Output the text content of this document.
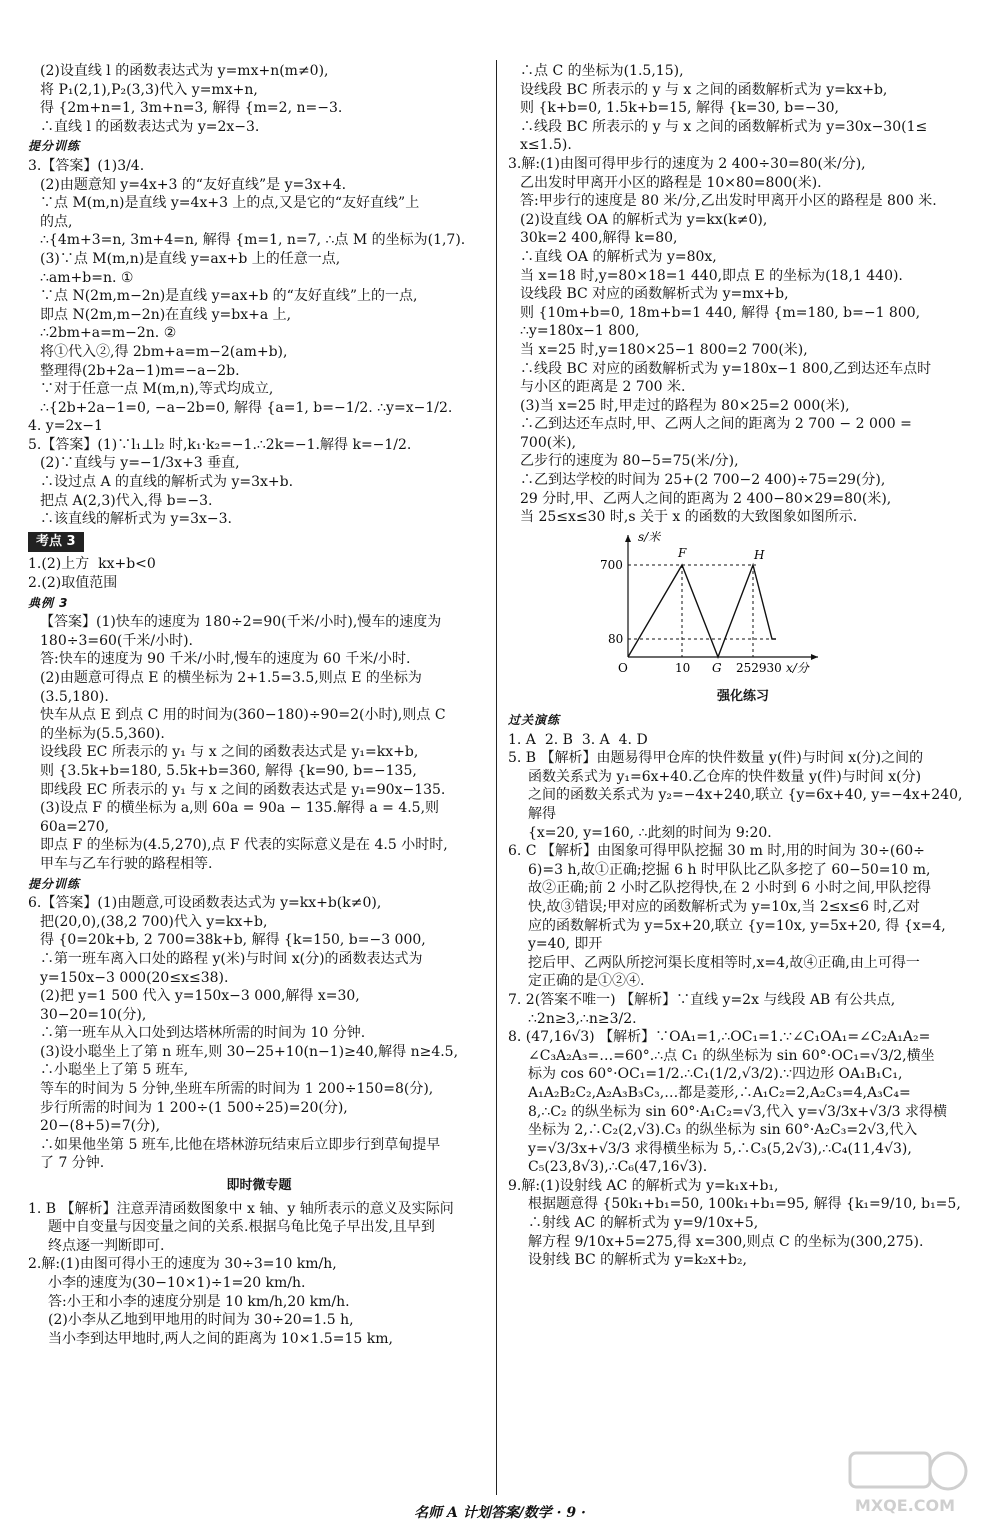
(2)设直线 l 的函数表达式为 y=mx+n(m≠0),
将 P₁(2,1),P₂(3,3)代入 y=mx+n,
得 {2m+n=1, 3m+n=3, 解得 {m=2, n=−3.
∴直线 l 的函数表达式为 y=2x−3.
提分训练
3.【答案】(1)3/4.
(2)由题意知 y=4x+3 的“友好直线”是 y=3x+4.
∵点 M(m,n)是直线 y=4x+3 上的点,又是它的“友好直线”上
的点,
∴{4m+3=n, 3m+4=n, 解得 {m=1, n=7, ∴点 M 的坐标为(1,7).
(3)∵点 M(m,n)是直线 y=ax+b 上的任意一点,
∴am+b=n. ①
∵点 N(2m,m−2n)是直线 y=ax+b 的“友好直线”上的一点,
即点 N(2m,m−2n)在直线 y=bx+a 上,
∴2bm+a=m−2n. ②
将①代入②,得 2bm+a=m−2(am+b),
整理得(2b+2a−1)m=−a−2b.
∵对于任意一点 M(m,n),等式均成立,
∴{2b+2a−1=0, −a−2b=0, 解得 {a=1, b=−1/2. ∴y=x−1/2.
4. y=2x−1
5.【答案】(1)∵l₁⊥l₂ 时,k₁·k₂=−1.∴2k=−1.解得 k=−1/2.
(2)∵直线与 y=−1/3x+3 垂直,
∴设过点 A 的直线的解析式为 y=3x+b.
把点 A(2,3)代入,得 b=−3.
∴该直线的解析式为 y=3x−3.
考点 3
1.(2)上方  kx+b<0
2.(2)取值范围
典例 3
【答案】(1)快车的速度为 180÷2=90(千米/小时),慢车的速度为
180÷3=60(千米/小时).
答:快车的速度为 90 千米/小时,慢车的速度为 60 千米/小时.
(2)由题意可得点 E 的横坐标为 2+1.5=3.5,则点 E 的坐标为
(3.5,180).
快车从点 E 到点 C 用的时间为(360−180)÷90=2(小时),则点 C
的坐标为(5.5,360).
设线段 EC 所表示的 y₁ 与 x 之间的函数表达式是 y₁=kx+b,
则 {3.5k+b=180, 5.5k+b=360, 解得 {k=90, b=−135,
即线段 EC 所表示的 y₁ 与 x 之间的函数表达式是 y₁=90x−135.
(3)设点 F 的横坐标为 a,则 60a = 90a − 135.解得 a = 4.5,则
60a=270,
即点 F 的坐标为(4.5,270),点 F 代表的实际意义是在 4.5 小时时,
甲车与乙车行驶的路程相等.
提分训练
6.【答案】(1)由题意,可设函数表达式为 y=kx+b(k≠0),
把(20,0),(38,2 700)代入 y=kx+b,
得 {0=20k+b, 2 700=38k+b, 解得 {k=150, b=−3 000,
∴第一班车离入口处的路程 y(米)与时间 x(分)的函数表达式为
y=150x−3 000(20≤x≤38).
(2)把 y=1 500 代入 y=150x−3 000,解得 x=30,
30−20=10(分),
∴第一班车从入口处到达塔林所需的时间为 10 分钟.
(3)设小聪坐上了第 n 班车,则 30−25+10(n−1)≥40,解得 n≥4.5,
∴小聪坐上了第 5 班车,
等车的时间为 5 分钟,坐班车所需的时间为 1 200÷150=8(分),
步行所需的时间为 1 200÷(1 500÷25)=20(分),
20−(8+5)=7(分),
∴如果他坐第 5 班车,比他在塔林游玩结束后立即步行到草甸提早
了 7 分钟.
即时微专题
1. B 【解析】注意弄清函数图象中 x 轴、y 轴所表示的意义及实际问
题中自变量与因变量之间的关系.根据乌龟比兔子早出发,且早到
终点逐一判断即可.
2.解:(1)由图可得小王的速度为 30÷3=10 km/h,
小李的速度为(30−10×1)÷1=20 km/h.
答:小王和小李的速度分别是 10 km/h,20 km/h.
(2)小李从乙地到甲地用的时间为 30÷20=1.5 h,
当小李到达甲地时,两人之间的距离为 10×1.5=15 km,
∴点 C 的坐标为(1.5,15),
设线段 BC 所表示的 y 与 x 之间的函数解析式为 y=kx+b,
则 {k+b=0, 1.5k+b=15, 解得 {k=30, b=−30,
∴线段 BC 所表示的 y 与 x 之间的函数解析式为 y=30x−30(1≤
x≤1.5).
3.解:(1)由图可得甲步行的速度为 2 400÷30=80(米/分),
乙出发时甲离开小区的路程是 10×80=800(米).
答:甲步行的速度是 80 米/分,乙出发时甲离开小区的路程是 800 米.
(2)设直线 OA 的解析式为 y=kx(k≠0),
30k=2 400,解得 k=80,
∴直线 OA 的解析式为 y=80x,
当 x=18 时,y=80×18=1 440,即点 E 的坐标为(18,1 440).
设线段 BC 对应的函数解析式为 y=mx+b,
则 {10m+b=0, 18m+b=1 440, 解得 {m=180, b=−1 800,
∴y=180x−1 800,
当 x=25 时,y=180×25−1 800=2 700(米),
∴线段 BC 对应的函数解析式为 y=180x−1 800,乙到达还车点时
与小区的距离是 2 700 米.
(3)当 x=25 时,甲走过的路程为 80×25=2 000(米),
∴乙到达还车点时,甲、乙两人之间的距离为 2 700 − 2 000 =
700(米),
乙步行的速度为 80−5=75(米/分),
∴乙到达学校的时间为 25+(2 700−2 400)÷75=29(分),
29 分时,甲、乙两人之间的距离为 2 400−80×29=80(米),
当 25≤x≤30 时,s 关于 x 的函数的大致图象如图所示.
s/米
x/分
O
700
80
10 G 252930
F	H
强化练习
过关演练
1. A  2. B  3. A  4. D
5. B 【解析】由题易得甲仓库的快件数量 y(件)与时间 x(分)之间的
函数关系式为 y₁=6x+40.乙仓库的快件数量 y(件)与时间 x(分)
之间的函数关系式为 y₂=−4x+240,联立 {y=6x+40, y=−4x+240, 解得
{x=20, y=160, ∴此刻的时间为 9:20.
6. C 【解析】由图象可得甲队挖掘 30 m 时,用的时间为 30÷(60÷
6)=3 h,故①正确;挖掘 6 h 时甲队比乙队多挖了 60−50=10 m,
故②正确;前 2 小时乙队挖得快,在 2 小时到 6 小时之间,甲队挖得
快,故③错误;甲对应的函数解析式为 y=10x,当 2≤x≤6 时,乙对
应的函数解析式为 y=5x+20,联立 {y=10x, y=5x+20, 得 {x=4, y=40, 即开
挖后甲、乙两队所挖河渠长度相等时,x=4,故④正确,由上可得一
定正确的是①②④.
7. 2(答案不唯一) 【解析】∵直线 y=2x 与线段 AB 有公共点,
∴2n≥3,∴n≥3/2.
8. (47,16√3) 【解析】∵OA₁=1,∴OC₁=1.∵∠C₁OA₁=∠C₂A₁A₂=
∠C₃A₂A₃=…=60°.∴点 C₁ 的纵坐标为 sin 60°·OC₁=√3/2,横坐
标为 cos 60°·OC₁=1/2.∴C₁(1/2,√3/2).∵四边形 OA₁B₁C₁,
A₁A₂B₂C₂,A₂A₃B₃C₃,…都是菱形,∴A₁C₂=2,A₂C₃=4,A₃C₄=
8,∴C₂ 的纵坐标为 sin 60°·A₁C₂=√3,代入 y=√3/3x+√3/3 求得横
坐标为 2,∴C₂(2,√3).C₃ 的纵坐标为 sin 60°·A₂C₃=2√3,代入
y=√3/3x+√3/3 求得横坐标为 5,∴C₃(5,2√3),∴C₄(11,4√3),
C₅(23,8√3),∴C₆(47,16√3).
9.解:(1)设射线 AC 的解析式为 y=k₁x+b₁,
根据题意得 {50k₁+b₁=50, 100k₁+b₁=95, 解得 {k₁=9/10, b₁=5,
∴射线 AC 的解析式为 y=9/10x+5,
解方程 9/10x+5=275,得 x=300,则点 C 的坐标为(300,275).
设射线 BC 的解析式为 y=k₂x+b₂,
名师 A 计划答案/数学 · 9 ·	MXQE.COM
